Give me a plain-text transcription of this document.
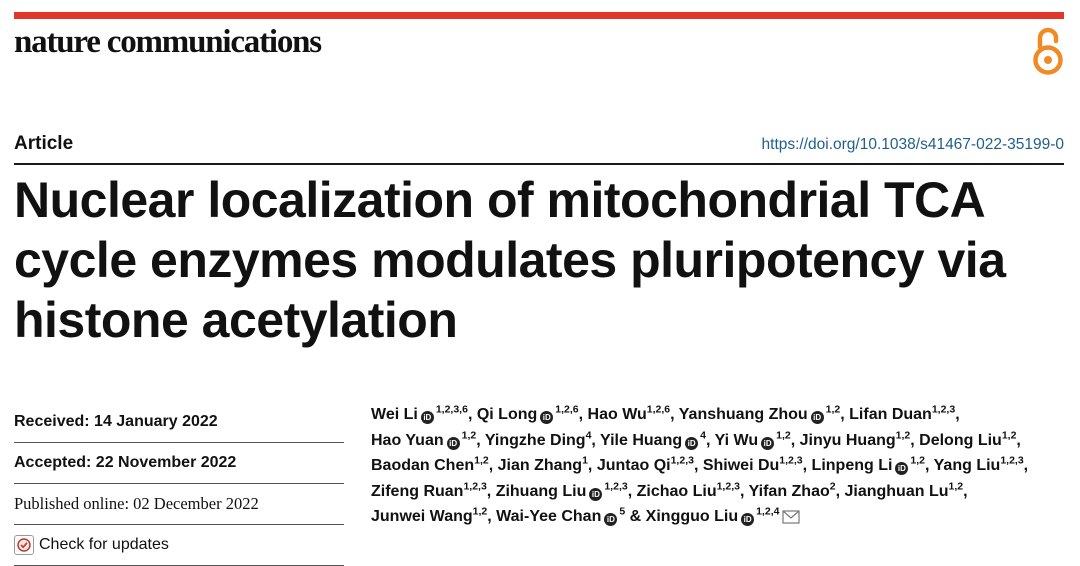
nature communications
Article	https://doi.org/10.1038/s41467-022-35199-0
Nuclear localization of mitochondrial TCA cycle enzymes modulates pluripotency via histone acetylation
Received: 14 January 2022
Accepted: 22 November 2022
Published online: 02 December 2022
Check for updates
Wei Li iD$^{1,2,3,6}$, Qi Long iD$^{1,2,6}$, Hao Wu$^{1,2,6}$, Yanshuang Zhou iD$^{1,2}$, Lifan Duan$^{1,2,3}$, Hao Yuan iD$^{1,2}$, Yingzhe Ding$^4$, Yile Huang $iD^4$, Yi Wu iD$^{1,2}$, Jinyu Huang$^{1,2}$, Delong Liu$^{1,2}$, Baodan Chen$^{1,2}$, Jian Zhang$^1$, Juntao Qi$^{1,2,3}$, Shiwei Du$^{1,2,3}$, Linpeng Li iD$^{1,2}$, Yang Liu$^{1,2,3}$, Zifeng Ruan$^{1,2,3}$, Zihuang Liu iD$^{1,2,3}$, Zichao Liu$^{1,2,3}$, Yifan Zhao$^2$, Jianghuan Lu$^{1,2}$, Junwei Wang$^{1,2}$, Wai-Yee Chan $iD^5$ & Xingguo Liu iD$^{1,2,4}$
